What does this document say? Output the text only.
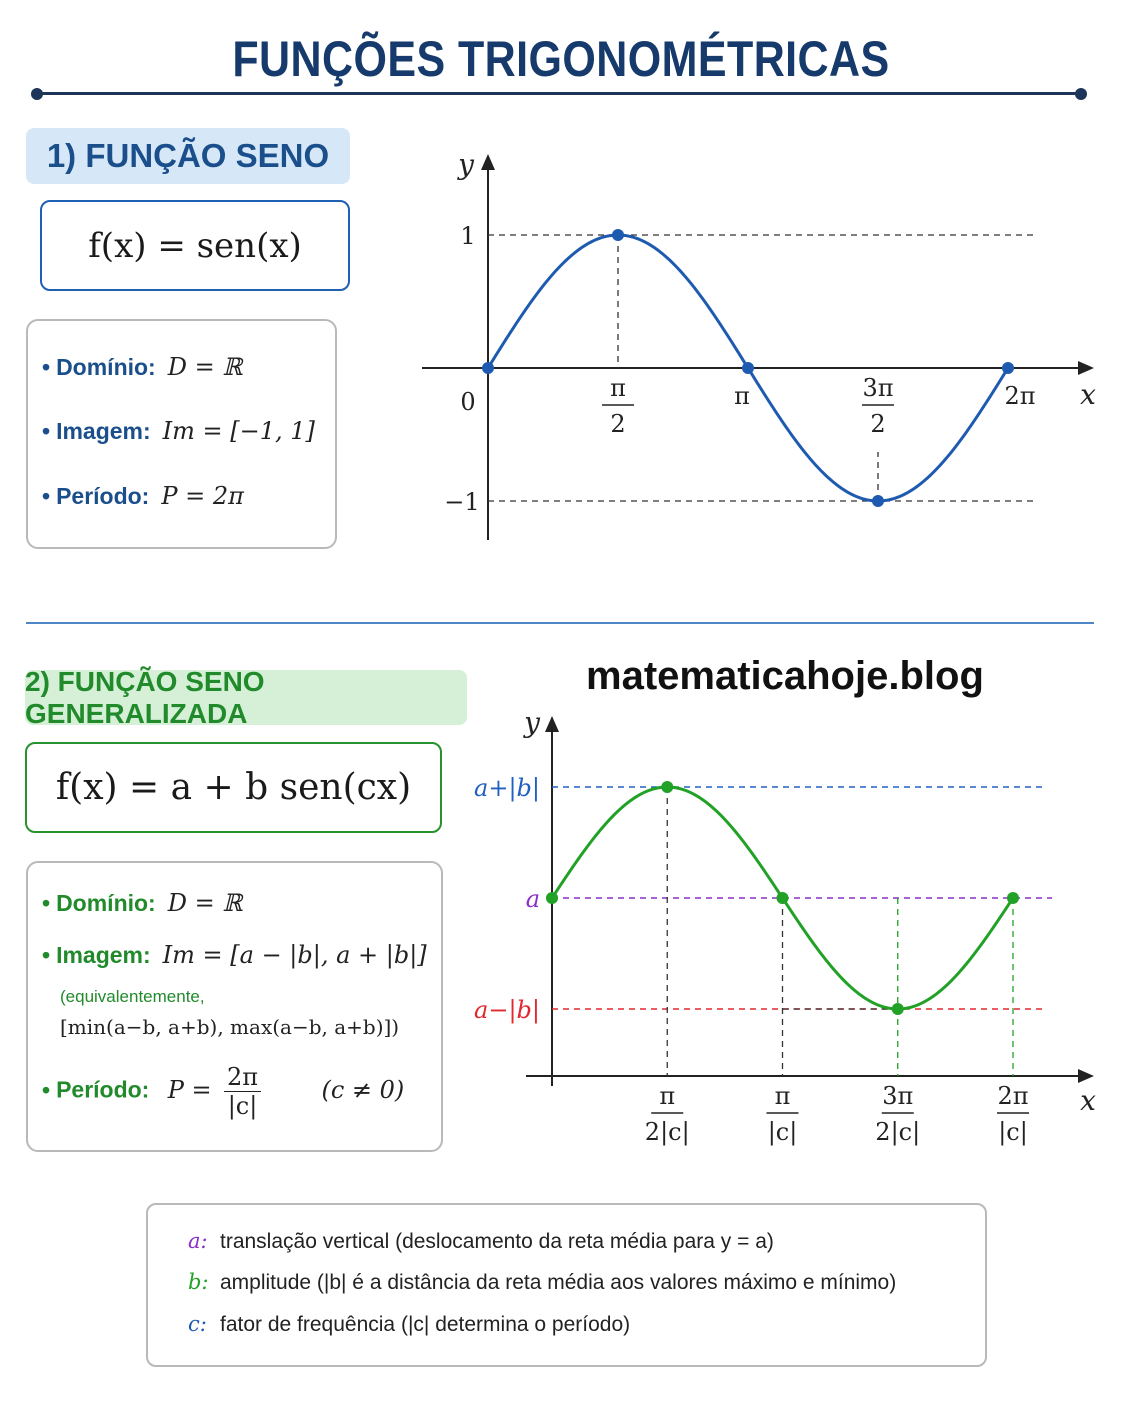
FUNÇÕES TRIGONOMÉTRICAS
1) FUNÇÃO SENO
f(x) = sen(x)
• Domínio: D = ℝ
• Imagem: Im = [−1, 1]
• Período: P = 2π
x
y
1
−1
0	π
2
π	3π
2
2π
matematicahoje.blog
2) FUNÇÃO SENO GENERALIZADA
f(x) = a + b sen(cx)
• Domínio: D = ℝ
• Imagem: Im = [a − |b|, a + |b|]
(equivalentemente,
[min(a−b, a+b), max(a−b, a+b)])
• Período: $P = \frac{2\pi}{|c|}$	(c ≠ 0)	x
y
a+|b|
a
a−|b|
π
2|c|
π
|c|
3π
2|c|
2π
|c|
a: translação vertical (deslocamento da reta média para y = a)
b: amplitude (|b| é a distância da reta média aos valores máximo e mínimo)
c: fator de frequência (|c| determina o período)
